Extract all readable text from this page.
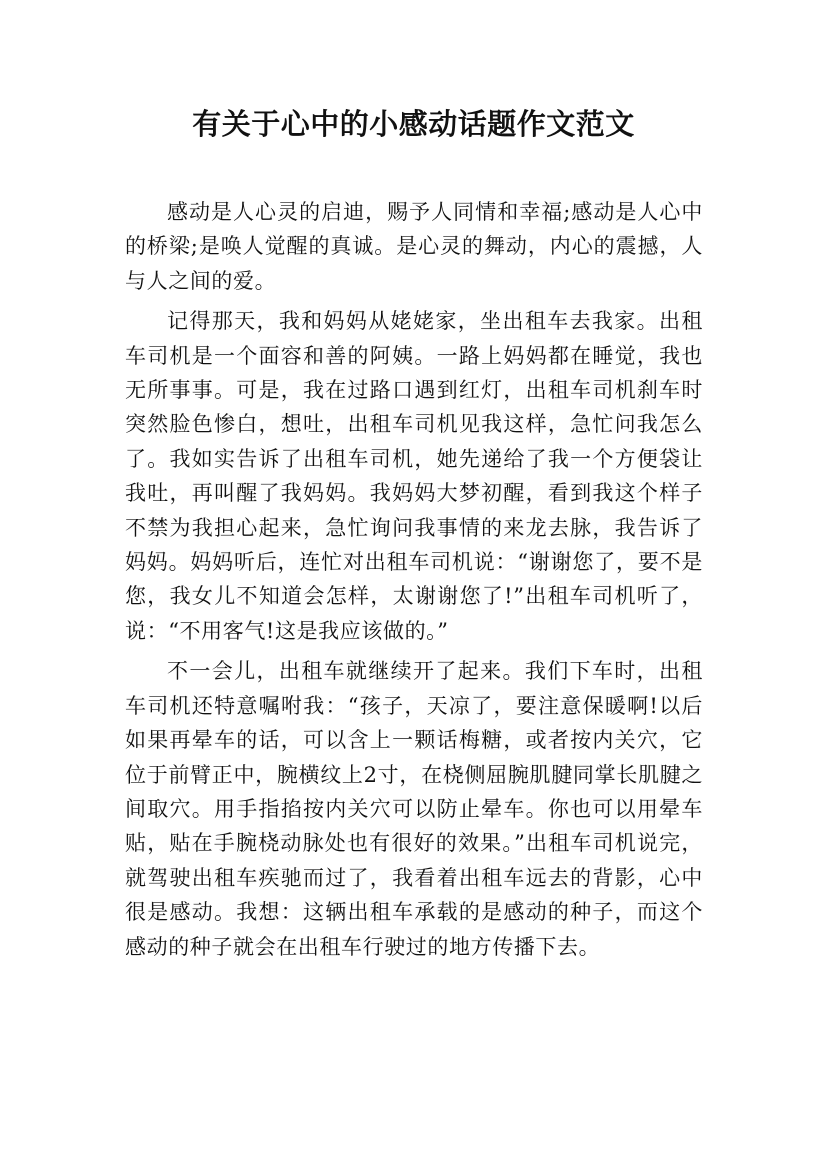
有关于心中的小感动话题作文范文

感动是人心灵的启迪，赐予人同情和幸福;感动是人心中的桥梁;是唤人觉醒的真诚。是心灵的舞动，内心的震撼，人与人之间的爱。

记得那天，我和妈妈从姥姥家，坐出租车去我家。出租车司机是一个面容和善的阿姨。一路上妈妈都在睡觉，我也无所事事。可是，我在过路口遇到红灯，出租车司机刹车时突然脸色惨白，想吐，出租车司机见我这样，急忙问我怎么了。我如实告诉了出租车司机，她先递给了我一个方便袋让我吐，再叫醒了我妈妈。我妈妈大梦初醒，看到我这个样子不禁为我担心起来，急忙询问我事情的来龙去脉，我告诉了妈妈。妈妈听后，连忙对出租车司机说：“谢谢您了，要不是您，我女儿不知道会怎样，太谢谢您了!”出租车司机听了，说：“不用客气!这是我应该做的。”

不一会儿，出租车就继续开了起来。我们下车时，出租车司机还特意嘱咐我：“孩子，天凉了，要注意保暖啊!以后如果再晕车的话，可以含上一颗话梅糖，或者按内关穴，它位于前臂正中，腕横纹上2寸，在桡侧屈腕肌腱同掌长肌腱之间取穴。用手指掐按内关穴可以防止晕车。你也可以用晕车贴，贴在手腕桡动脉处也有很好的效果。”出租车司机说完，就驾驶出租车疾驰而过了，我看着出租车远去的背影，心中很是感动。我想：这辆出租车承载的是感动的种子，而这个感动的种子就会在出租车行驶过的地方传播下去。
